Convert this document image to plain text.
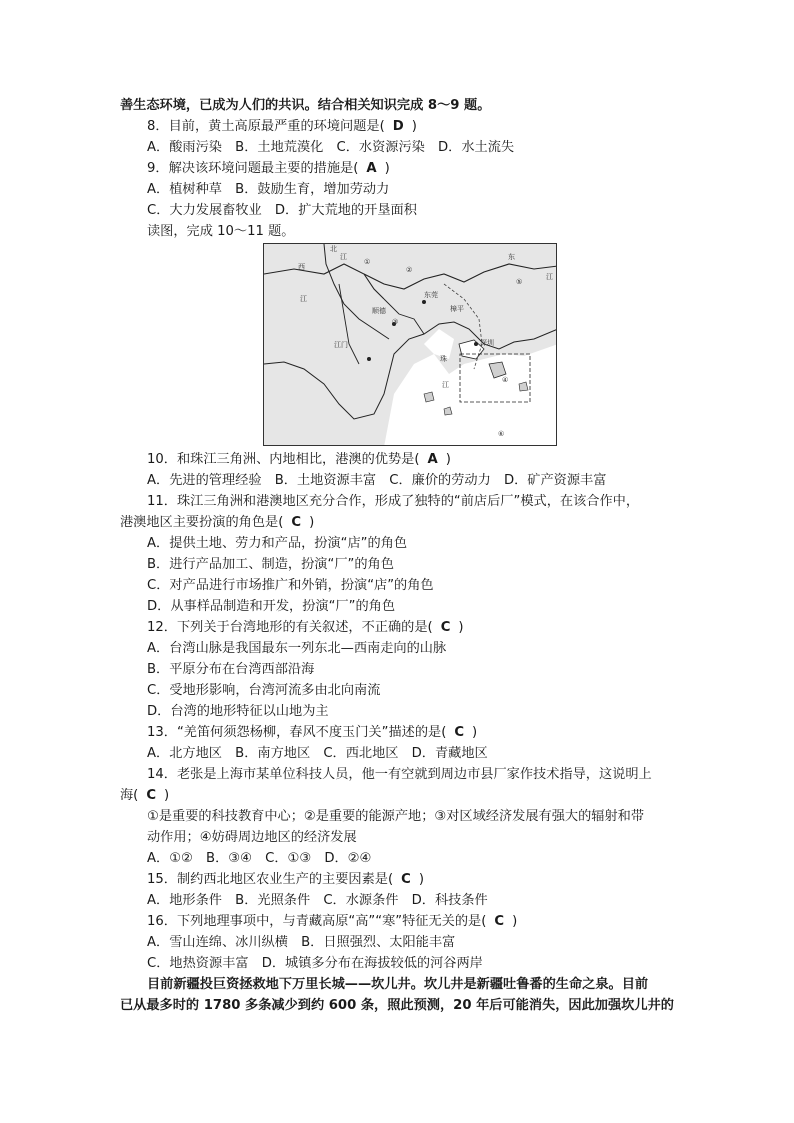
善生态环境，已成为人们的共识。结合相关知识完成 8～9 题。
8．目前，黄土高原最严重的环境问题是( D )
A．酸雨污染　B．土地荒漠化　C．水资源污染　D．水土流失
9．解决该环境问题最主要的措施是( A )
A．植树种草　B．鼓励生育，增加劳动力
C．大力发展畜牧业　D．扩大荒地的开垦面积
读图，完成 10～11 题。
北
江
西
江
东
江
东莞
樟平
深圳
江门
顺德
珠
江
①
②
③
④
⑤
⑥
10．和珠江三角洲、内地相比，港澳的优势是( A )
A．先进的管理经验　B．土地资源丰富　C．廉价的劳动力　D．矿产资源丰富
11．珠江三角洲和港澳地区充分合作，形成了独特的“前店后厂”模式，在该合作中，
港澳地区主要扮演的角色是( C )
A．提供土地、劳力和产品，扮演“店”的角色
B．进行产品加工、制造，扮演“厂”的角色
C．对产品进行市场推广和外销，扮演“店”的角色
D．从事样品制造和开发，扮演“厂”的角色
12．下列关于台湾地形的有关叙述，不正确的是( C )
A．台湾山脉是我国最东一列东北—西南走向的山脉
B．平原分布在台湾西部沿海
C．受地形影响，台湾河流多由北向南流
D．台湾的地形特征以山地为主
13．“羌笛何须怨杨柳，春风不度玉门关”描述的是( C )
A．北方地区　B．南方地区　C．西北地区　D．青藏地区
14．老张是上海市某单位科技人员，他一有空就到周边市县厂家作技术指导，这说明上
海( C )
①是重要的科技教育中心；②是重要的能源产地；③对区域经济发展有强大的辐射和带
动作用；④妨碍周边地区的经济发展
A．①②　B．③④　C．①③　D．②④
15．制约西北地区农业生产的主要因素是( C )
A．地形条件　B．光照条件　C．水源条件　D．科技条件
16．下列地理事项中，与青藏高原“高”“寒”特征无关的是( C )
A．雪山连绵、冰川纵横　B．日照强烈、太阳能丰富
C．地热资源丰富　D．城镇多分布在海拔较低的河谷两岸
目前新疆投巨资拯救地下万里长城——坎儿井。坎儿井是新疆吐鲁番的生命之泉。目前
已从最多时的 1780 多条减少到约 600 条，照此预测，20 年后可能消失，因此加强坎儿井的
